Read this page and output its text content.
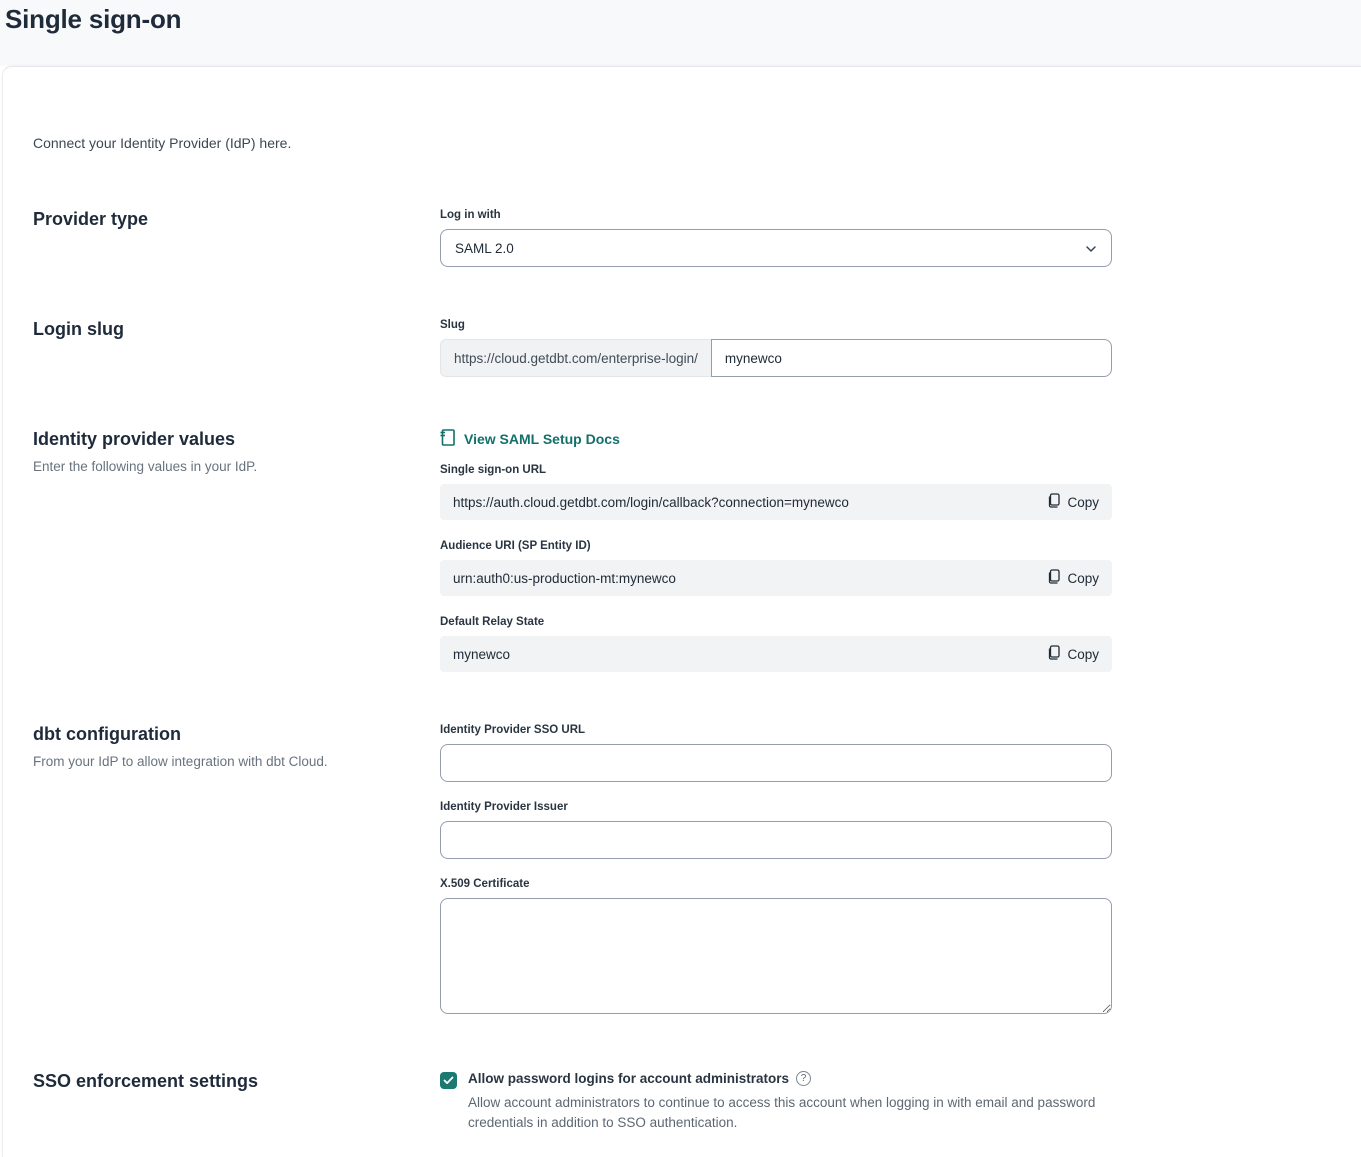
Single sign-on

Connect your Identity Provider (IdP) here.

Provider type	Log in with
SAML 2.0
Login slug	Slug
https://cloud.getdbt.com/enterprise-login/
mynewco
Identity provider values
Enter the following values in your IdP.
View SAML Setup Docs
Single sign-on URL
https://auth.cloud.getdbt.com/login/callback?connection=mynewco	Copy
Audience URI (SP Entity ID)
urn:auth0:us-production-mt:mynewco	Copy
Default Relay State
mynewco	Copy
dbt configuration
From your IdP to allow integration with dbt Cloud.
Identity Provider SSO URL
Identity Provider Issuer
X.509 Certificate
SSO enforcement settings	Allow password logins for account administrators	?
Allow account administrators to continue to access this account when logging in with email and password credentials in addition to SSO authentication.
